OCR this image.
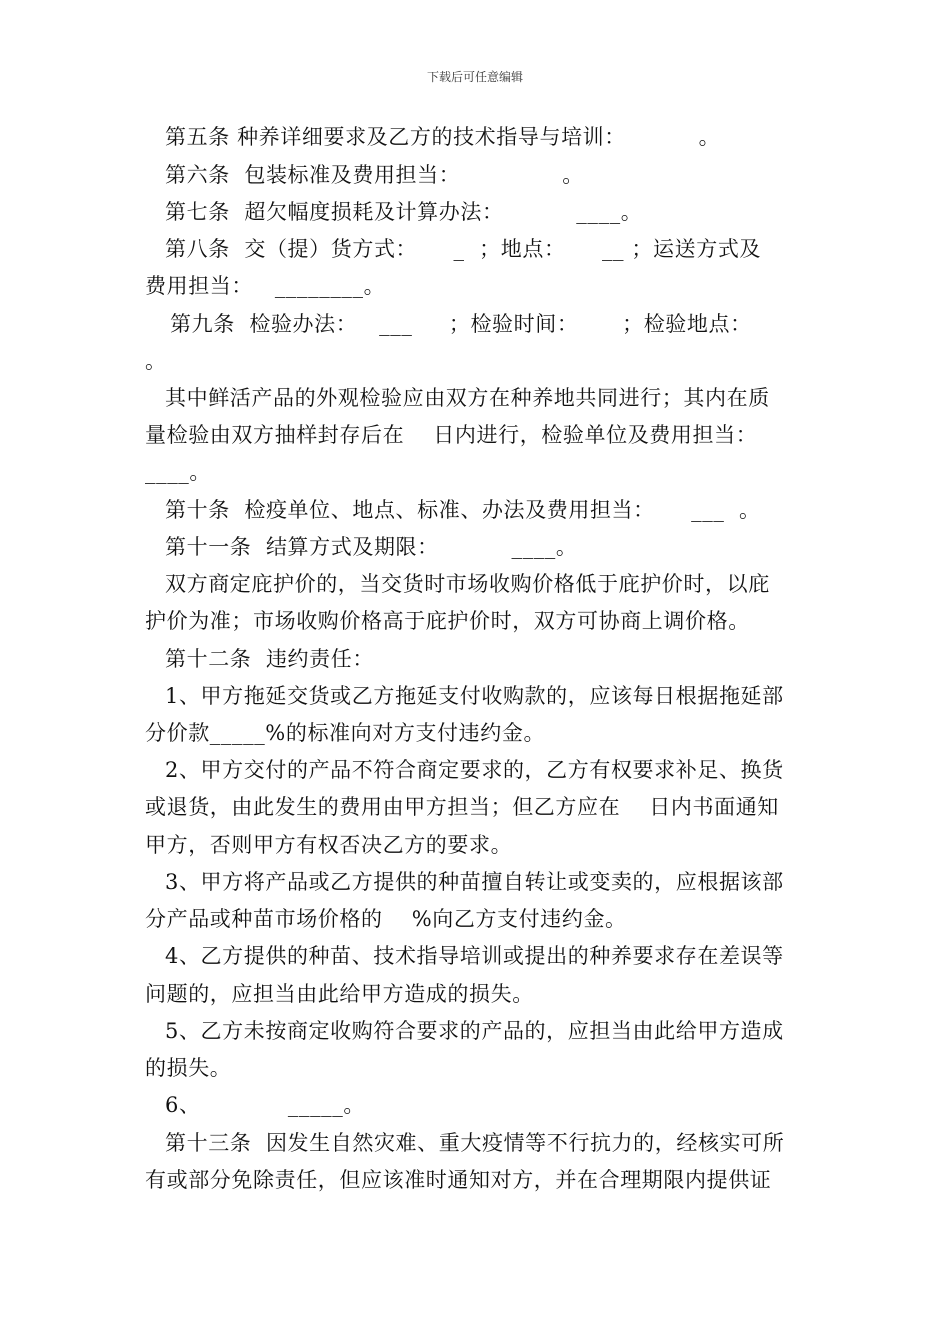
下载后可任意编辑
第五条 种养详细要求及乙方的技术指导与培训：          。
第六条  包装标准及费用担当：              。
第七条  超欠幅度损耗及计算办法：          ____。
第八条  交（提）货方式：     _  ；地点：     __ ；运送方式及
费用担当：   ________。
第九条  检验办法：   ___     ；检验时间：      ；检验地点：
。
其中鲜活产品的外观检验应由双方在种养地共同进行；其内在质
量检验由双方抽样封存后在    日内进行，检验单位及费用担当：
____。
第十条  检疫单位、地点、标准、办法及费用担当：     ___  。
第十一条  结算方式及期限：          ____。
双方商定庇护价的，当交货时市场收购价格低于庇护价时，以庇
护价为准；市场收购价格高于庇护价时，双方可协商上调价格。
第十二条  违约责任：
1、甲方拖延交货或乙方拖延支付收购款的，应该每日根据拖延部
分价款_____%的标准向对方支付违约金。
2、甲方交付的产品不符合商定要求的，乙方有权要求补足、换货
或退货，由此发生的费用由甲方担当；但乙方应在    日内书面通知
甲方，否则甲方有权否决乙方的要求。
3、甲方将产品或乙方提供的种苗擅自转让或变卖的，应根据该部
分产品或种苗市场价格的    %向乙方支付违约金。
4、乙方提供的种苗、技术指导培训或提出的种养要求存在差误等
问题的，应担当由此给甲方造成的损失。
5、乙方未按商定收购符合要求的产品的，应担当由此给甲方造成
的损失。
6、            _____。
第十三条  因发生自然灾难、重大疫情等不行抗力的，经核实可所
有或部分免除责任，但应该准时通知对方，并在合理期限内提供证
